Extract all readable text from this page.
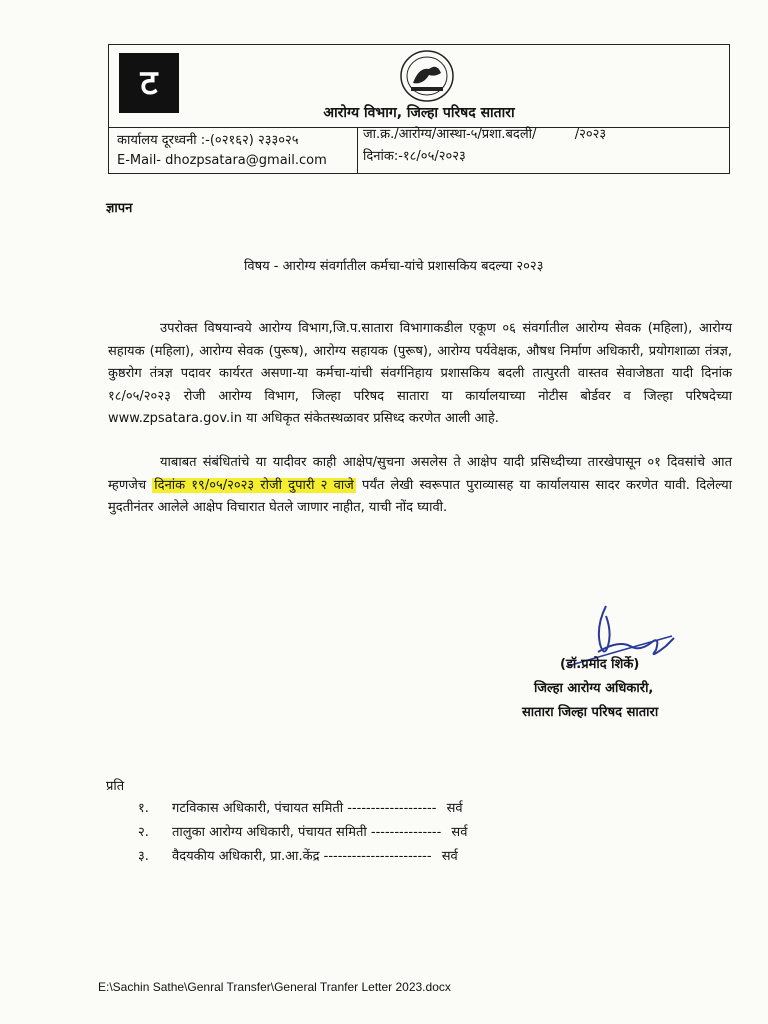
ट
आरोग्य विभाग, जिल्हा परिषद सातारा
कार्यालय दूरध्वनी :-(०२१६२) २३३०२५
E-Mail- dhozpsatara@gmail.com
जा.क्र./आरोग्य/आस्था-५/प्रशा.बदली/	/२०२३
दिनांक:-१८/०५/२०२३
ज्ञापन
विषय - आरोग्य संवर्गातील कर्मचा-यांचे प्रशासकिय बदल्या २०२३
उपरोक्त विषयान्वये आरोग्य विभाग,जि.प.सातारा विभागाकडील एकूण ०६ संवर्गातील आरोग्य सेवक (महिला), आरोग्य सहायक (महिला), आरोग्य सेवक (पुरूष), आरोग्य सहायक (पुरूष), आरोग्य पर्यवेक्षक, औषध निर्माण अधिकारी, प्रयोगशाळा तंत्रज्ञ, कुष्ठरोग तंत्रज्ञ पदावर कार्यरत असणा-या कर्मचा-यांची संवर्गनिहाय प्रशासकिय बदली तात्पुरती वास्तव सेवाजेष्ठता यादी दिनांक १८/०५/२०२३ रोजी आरोग्य विभाग, जिल्हा परिषद सातारा या कार्यालयाच्या नोटीस बोर्डवर व जिल्हा परिषदेच्या www.zpsatara.gov.in या अधिकृत संकेतस्थळावर प्रसिध्द करणेत आली आहे.
याबाबत संबंधितांचे या यादीवर काही आक्षेप/सुचना असलेस ते आक्षेप यादी प्रसिध्दीच्या तारखेपासून ०१ दिवसांचे आत म्हणजेच दिनांक १९/०५/२०२३ रोजी दुपारी २ वाजे पर्यंत लेखी स्वरूपात पुराव्यासह या कार्यालयास सादर करणेत यावी. दिलेल्या मुदतीनंतर आलेले आक्षेप विचारात घेतले जाणार नाहीत, याची नोंद घ्यावी.
(डॉ.प्रमोद शिर्के)
जिल्हा आरोग्य अधिकारी,
सातारा जिल्हा परिषद सातारा
प्रति
१. गटविकास अधिकारी, पंचायत समिती ------------------- सर्व
२. तालुका आरोग्य अधिकारी, पंचायत समिती --------------- सर्व
३. वैदयकीय अधिकारी, प्रा.आ.केंद्र ----------------------- सर्व
E:\Sachin Sathe\Genral Transfer\General Tranfer Letter 2023.docx
